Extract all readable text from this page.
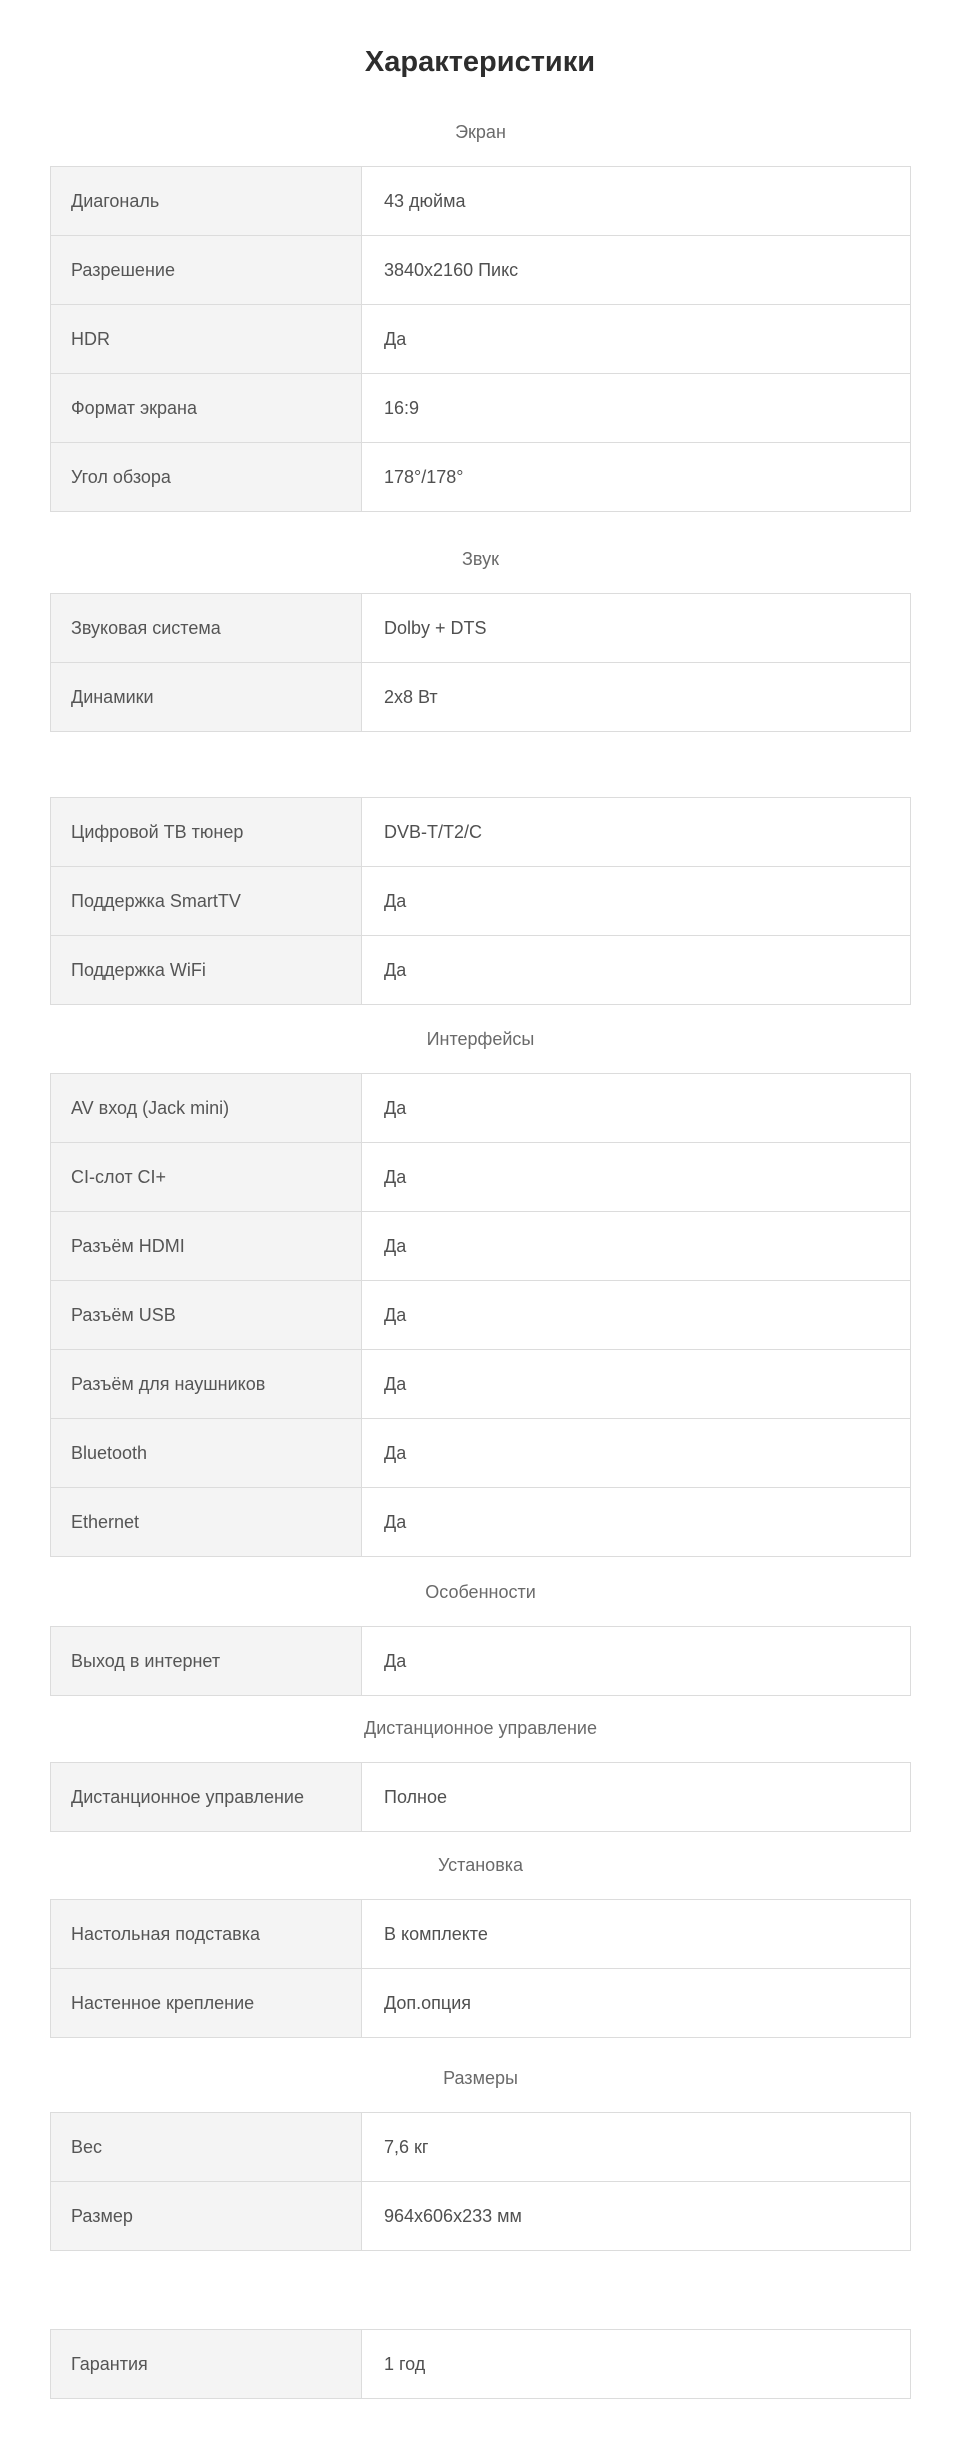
Характеристики
Экран
Диагональ	43 дюйма
Разрешение	3840x2160 Пикс
HDR	Да
Формат экрана	16:9
Угол обзора	178°/178°
Звук
Звуковая система	Dolby + DTS
Динамики	2x8 Вт
Цифровой ТВ тюнер	DVB-T/T2/C
Поддержка SmartTV	Да
Поддержка WiFi	Да
Интерфейсы
AV вход (Jack mini)	Да
CI-слот CI+	Да
Разъём HDMI	Да
Разъём USB	Да
Разъём для наушников	Да
Bluetooth	Да
Ethernet	Да
Особенности
Выход в интернет	Да
Дистанционное управление
Дистанционное управление	Полное
Установка
Настольная подставка	В комплекте
Настенное крепление	Доп.опция
Размеры
Вес	7,6 кг
Размер	964x606x233 мм
Гарантия	1 год
